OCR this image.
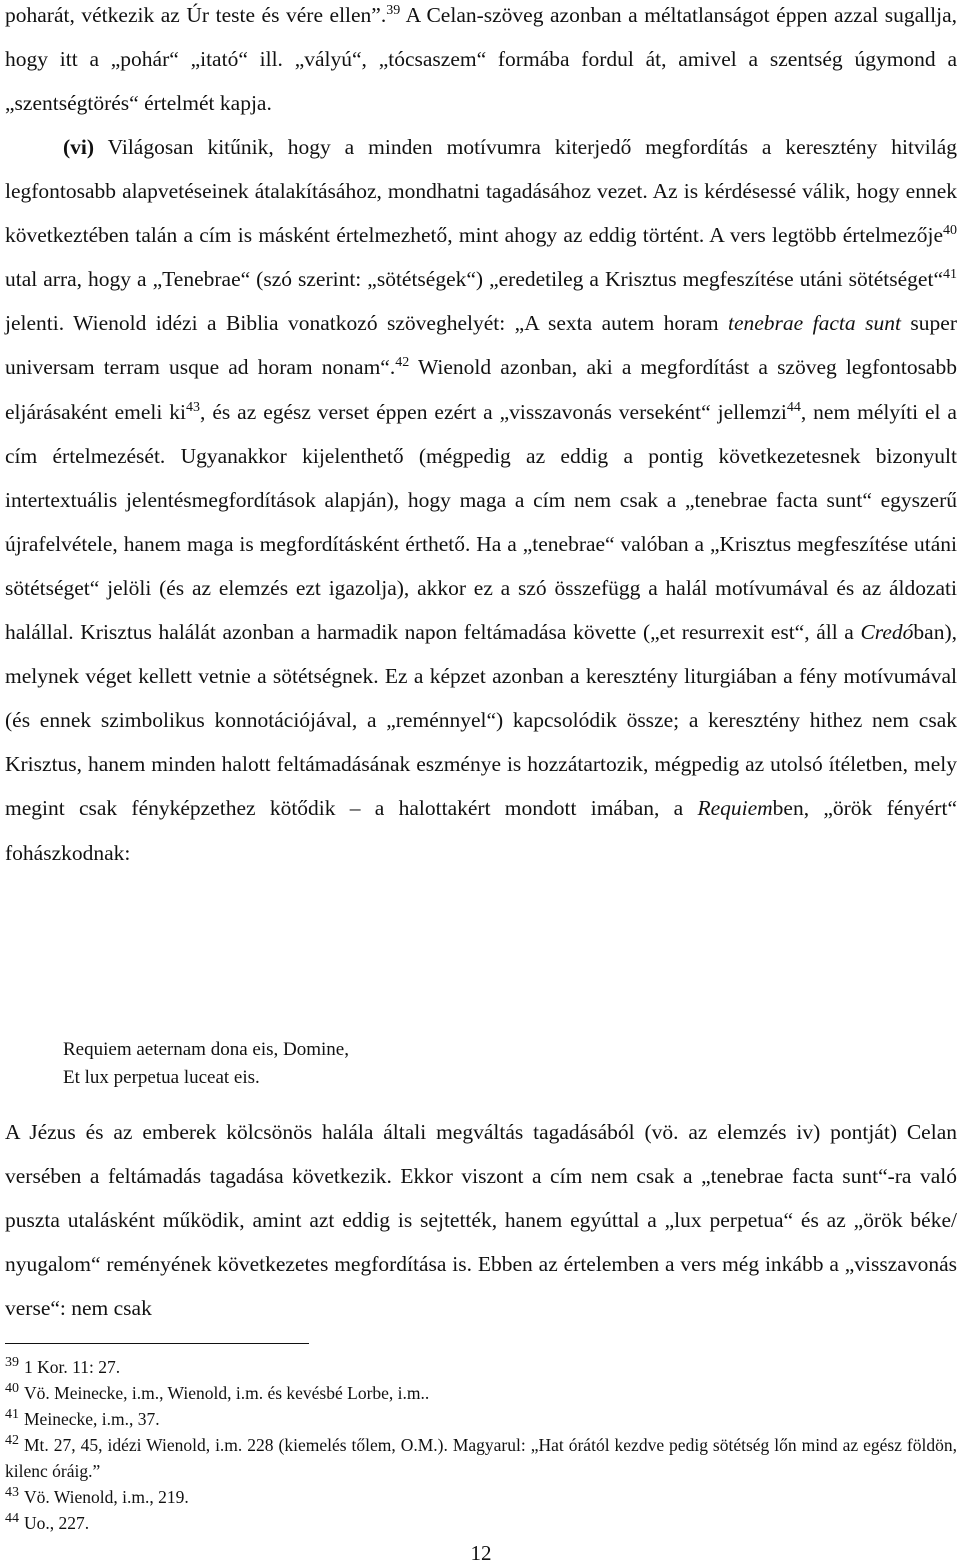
poharát, vétkezik az Úr teste és vére ellen”.$^{39}$ A Celan-szöveg azonban a méltatlanságot éppen azzal sugallja, hogy itt a „pohár“ „itató“ ill. „vályú“, „tócsaszem“ formába fordul át, amivel a szentség úgymond a „szentségtörés“ értelmét kapja.

(vi) Világosan kitűnik, hogy a minden motívumra kiterjedő megfordítás a keresztény hitvilág legfontosabb alapvetéseinek átalakításához, mondhatni tagadásához vezet. Az is kérdésessé válik, hogy ennek következtében talán a cím is másként értelmezhető, mint ahogy az eddig történt. A vers legtöbb értelmezője$^{40}$ utal arra, hogy a „Tenebrae“ (szó szerint: „sötétségek“) „eredetileg a Krisztus megfeszítése utáni sötétséget“$^{41}$ jelenti. Wienold idézi a Biblia vonatkozó szöveghelyét: „A sexta autem horam tenebrae facta sunt super universam terram usque ad horam nonam“.$^{42}$ Wienold azonban, aki a megfordítást a szöveg legfontosabb eljárásaként emeli $ki^{43}$, és az egész verset éppen ezért a „visszavonás verseként“ jellemzi$^{44}$, nem mélyíti el a cím értelmezését. Ugyanakkor kijelenthető (mégpedig az eddig a pontig következetesnek bizonyult intertextuális jelentésmegfordítások alapján), hogy maga a cím nem csak a „tenebrae facta sunt“ egyszerű újrafelvétele, hanem maga is megfordításként érthető. Ha a „tenebrae“ valóban a „Krisztus megfeszítése utáni sötétséget“ jelöli (és az elemzés ezt igazolja), akkor ez a szó összefügg a halál motívumával és az áldozati halállal. Krisztus halálát azonban a harmadik napon feltámadása követte („et resurrexit est“, áll a Credóban), melynek véget kellett vetnie a sötétségnek. Ez a képzet azonban a keresztény liturgiában a fény motívumával (és ennek szimbolikus konnotációjával, a „reménnyel“) kapcsolódik össze; a keresztény hithez nem csak Krisztus, hanem minden halott feltámadásának eszménye is hozzátartozik, mégpedig az utolsó ítéletben, mely megint csak fényképzethez kötődik – a halottakért mondott imában, a Requiemben, „örök fényért“ fohászkodnak:

Requiem aeternam dona eis, Domine,
Et lux perpetua luceat eis.

A Jézus és az emberek kölcsönös halála általi megváltás tagadásából (vö. az elemzés iv) pontját) Celan versében a feltámadás tagadása következik. Ekkor viszont a cím nem csak a „tenebrae facta sunt“-ra való puszta utalásként működik, amint azt eddig is sejtették, hanem egyúttal a „lux perpetua“ és az „örök béke/ nyugalom“ reményének következetes megfordítása is. Ebben az értelemben a vers még inkább a „visszavonás verse“: nem csak

$^{39}$ 1 Kor. 11: 27.
$^{40}$ Vö. Meinecke, i.m., Wienold, i.m. és kevésbé Lorbe, i.m..
$^{41}$ Meinecke, i.m., 37.
$^{42}$ Mt. 27, 45, idézi Wienold, i.m. 228 (kiemelés tőlem, O.M.). Magyarul: „Hat órától kezdve pedig sötétség lőn mind az egész földön, kilenc óráig.”
$^{43}$ Vö. Wienold, i.m., 219.
$^{44}$ Uo., 227.
12
